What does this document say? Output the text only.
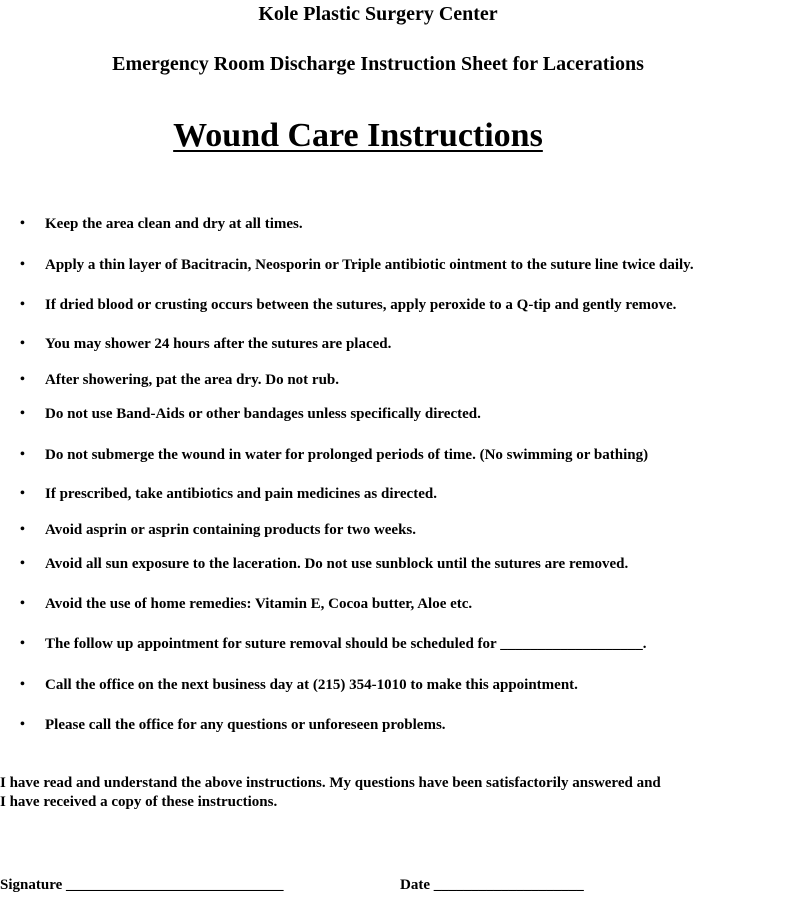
Kole Plastic Surgery Center
Emergency Room Discharge Instruction Sheet for Lacerations
Wound Care Instructions
• Keep the area clean and dry at all times.
• Apply a thin layer of Bacitracin, Neosporin or Triple antibiotic ointment to the suture line twice daily.
• If dried blood or crusting occurs between the sutures, apply peroxide to a Q-tip and gently remove.
• You may shower 24 hours after the sutures are placed.
• After showering, pat the area dry. Do not rub.
• Do not use Band-Aids or other bandages unless specifically directed.
• Do not submerge the wound in water for prolonged periods of time. (No swimming or bathing)
• If prescribed, take antibiotics and pain medicines as directed.
• Avoid asprin or asprin containing products for two weeks.
• Avoid all sun exposure to the laceration. Do not use sunblock until the sutures are removed.
• Avoid the use of home remedies: Vitamin E, Cocoa butter, Aloe etc.
• The follow up appointment for suture removal should be scheduled for ___________________.
• Call the office on the next business day at (215) 354-1010 to make this appointment.
• Please call the office for any questions or unforeseen problems.
I have read and understand the above instructions. My questions have been satisfactorily answered and
I have received a copy of these instructions.
Signature _____________________________	Date ____________________
